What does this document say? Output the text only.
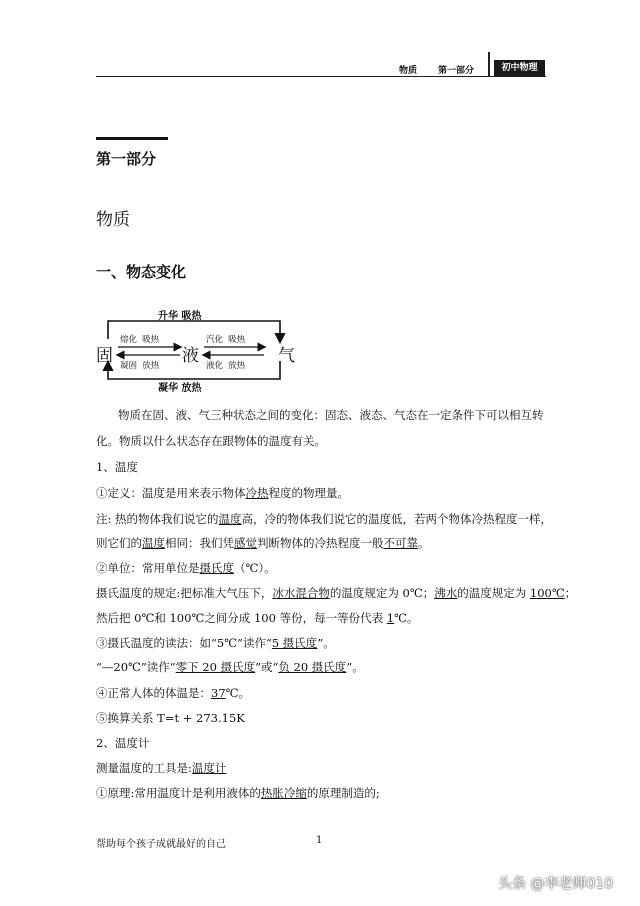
物质 第一部分	初中物理
第一部分
物质
一、物态变化
升华 吸热
凝华 放热
固	液	气
熔化 吸热
凝固 放热
汽化 吸热
液化 放热
物质在固、液、气三种状态之间的变化：固态、液态、气态在一定条件下可以相互转
化。物质以什么状态存在跟物体的温度有关。
1、温度
①定义：温度是用来表示物体冷热程度的物理量。
注: 热的物体我们说它的温度高，冷的物体我们说它的温度低，若两个物体冷热程度一样，
则它们的温度相同：我们凭感觉判断物体的冷热程度一般不可靠。
②单位：常用单位是摄氏度（℃）。
摄氏温度的规定:把标准大气压下，冰水混合物的温度规定为 0℃；沸水的温度规定为 100℃；
然后把 0℃和 100℃之间分成 100 等份，每一等份代表 1℃。
③摄氏温度的读法：如“5℃”读作“5 摄氏度”。
“—20℃”读作“零下 20 摄氏度”或“负 20 摄氏度”。
④正常人体的体温是：37℃。
⑤换算关系 T=t + 273.15K
2、温度计
测量温度的工具是:温度计
①原理:常用温度计是利用液体的热胀冷缩的原理制造的;
帮助每个孩子成就最好的自己	1
头条 @李老师010
